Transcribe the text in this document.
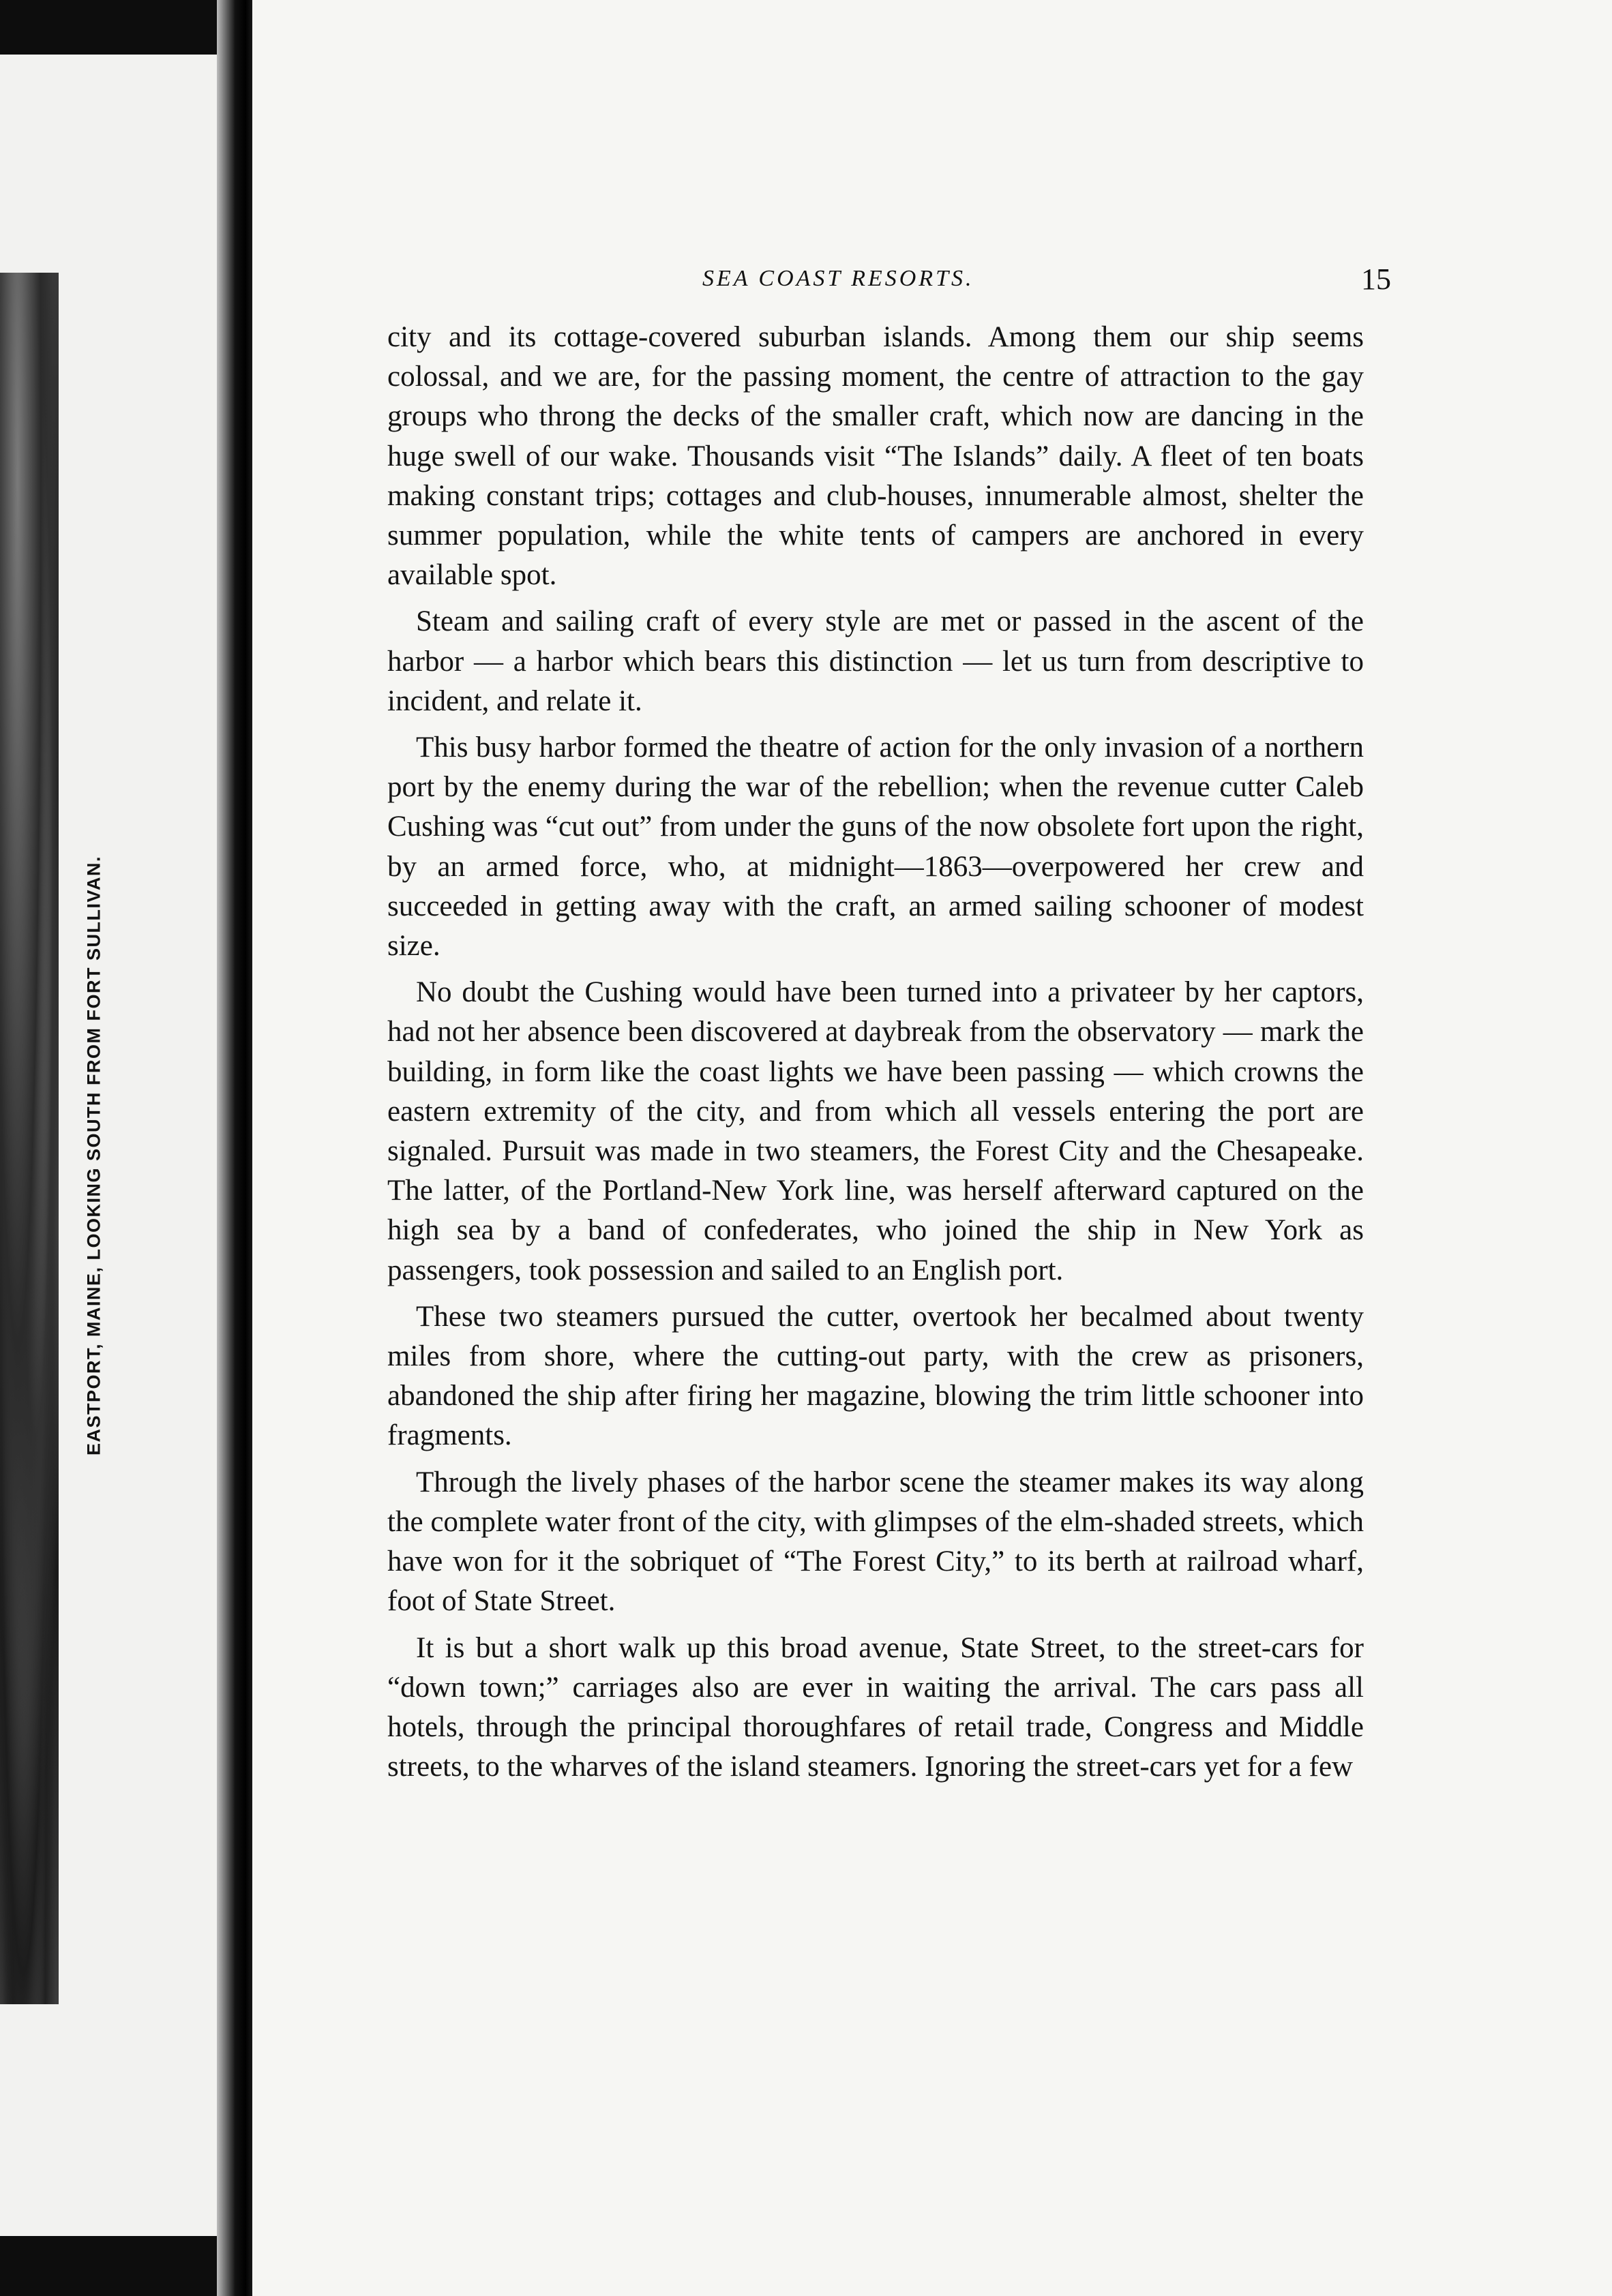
EASTPORT, MAINE, LOOKING SOUTH FROM FORT SULLIVAN.
SEA COAST RESORTS.	15

city and its cottage-covered suburban islands. Among them our ship seems colossal, and we are, for the passing moment, the centre of attraction to the gay groups who throng the decks of the smaller craft, which now are dancing in the huge swell of our wake. Thousands visit “The Islands” daily. A fleet of ten boats making constant trips; cottages and club-houses, innumerable almost, shelter the summer population, while the white tents of campers are anchored in every available spot.

Steam and sailing craft of every style are met or passed in the ascent of the harbor — a harbor which bears this distinction — let us turn from descriptive to incident, and relate it.

This busy harbor formed the theatre of action for the only invasion of a northern port by the enemy during the war of the rebellion; when the revenue cutter Caleb Cushing was “cut out” from under the guns of the now obsolete fort upon the right, by an armed force, who, at midnight—1863—overpowered her crew and succeeded in getting away with the craft, an armed sailing schooner of modest size.

No doubt the Cushing would have been turned into a privateer by her captors, had not her absence been discovered at daybreak from the observatory — mark the building, in form like the coast lights we have been passing — which crowns the eastern extremity of the city, and from which all vessels entering the port are signaled. Pursuit was made in two steamers, the Forest City and the Chesapeake. The latter, of the Portland-New York line, was herself afterward captured on the high sea by a band of confederates, who joined the ship in New York as passengers, took possession and sailed to an English port.

These two steamers pursued the cutter, overtook her becalmed about twenty miles from shore, where the cutting-out party, with the crew as prisoners, abandoned the ship after firing her magazine, blowing the trim little schooner into fragments.

Through the lively phases of the harbor scene the steamer makes its way along the complete water front of the city, with glimpses of the elm-shaded streets, which have won for it the sobriquet of “The Forest City,” to its berth at railroad wharf, foot of State Street.

It is but a short walk up this broad avenue, State Street, to the street-cars for “down town;” carriages also are ever in waiting the arrival. The cars pass all hotels, through the principal thoroughfares of retail trade, Congress and Middle streets, to the wharves of the island steamers. Ignoring the street-cars yet for a few
